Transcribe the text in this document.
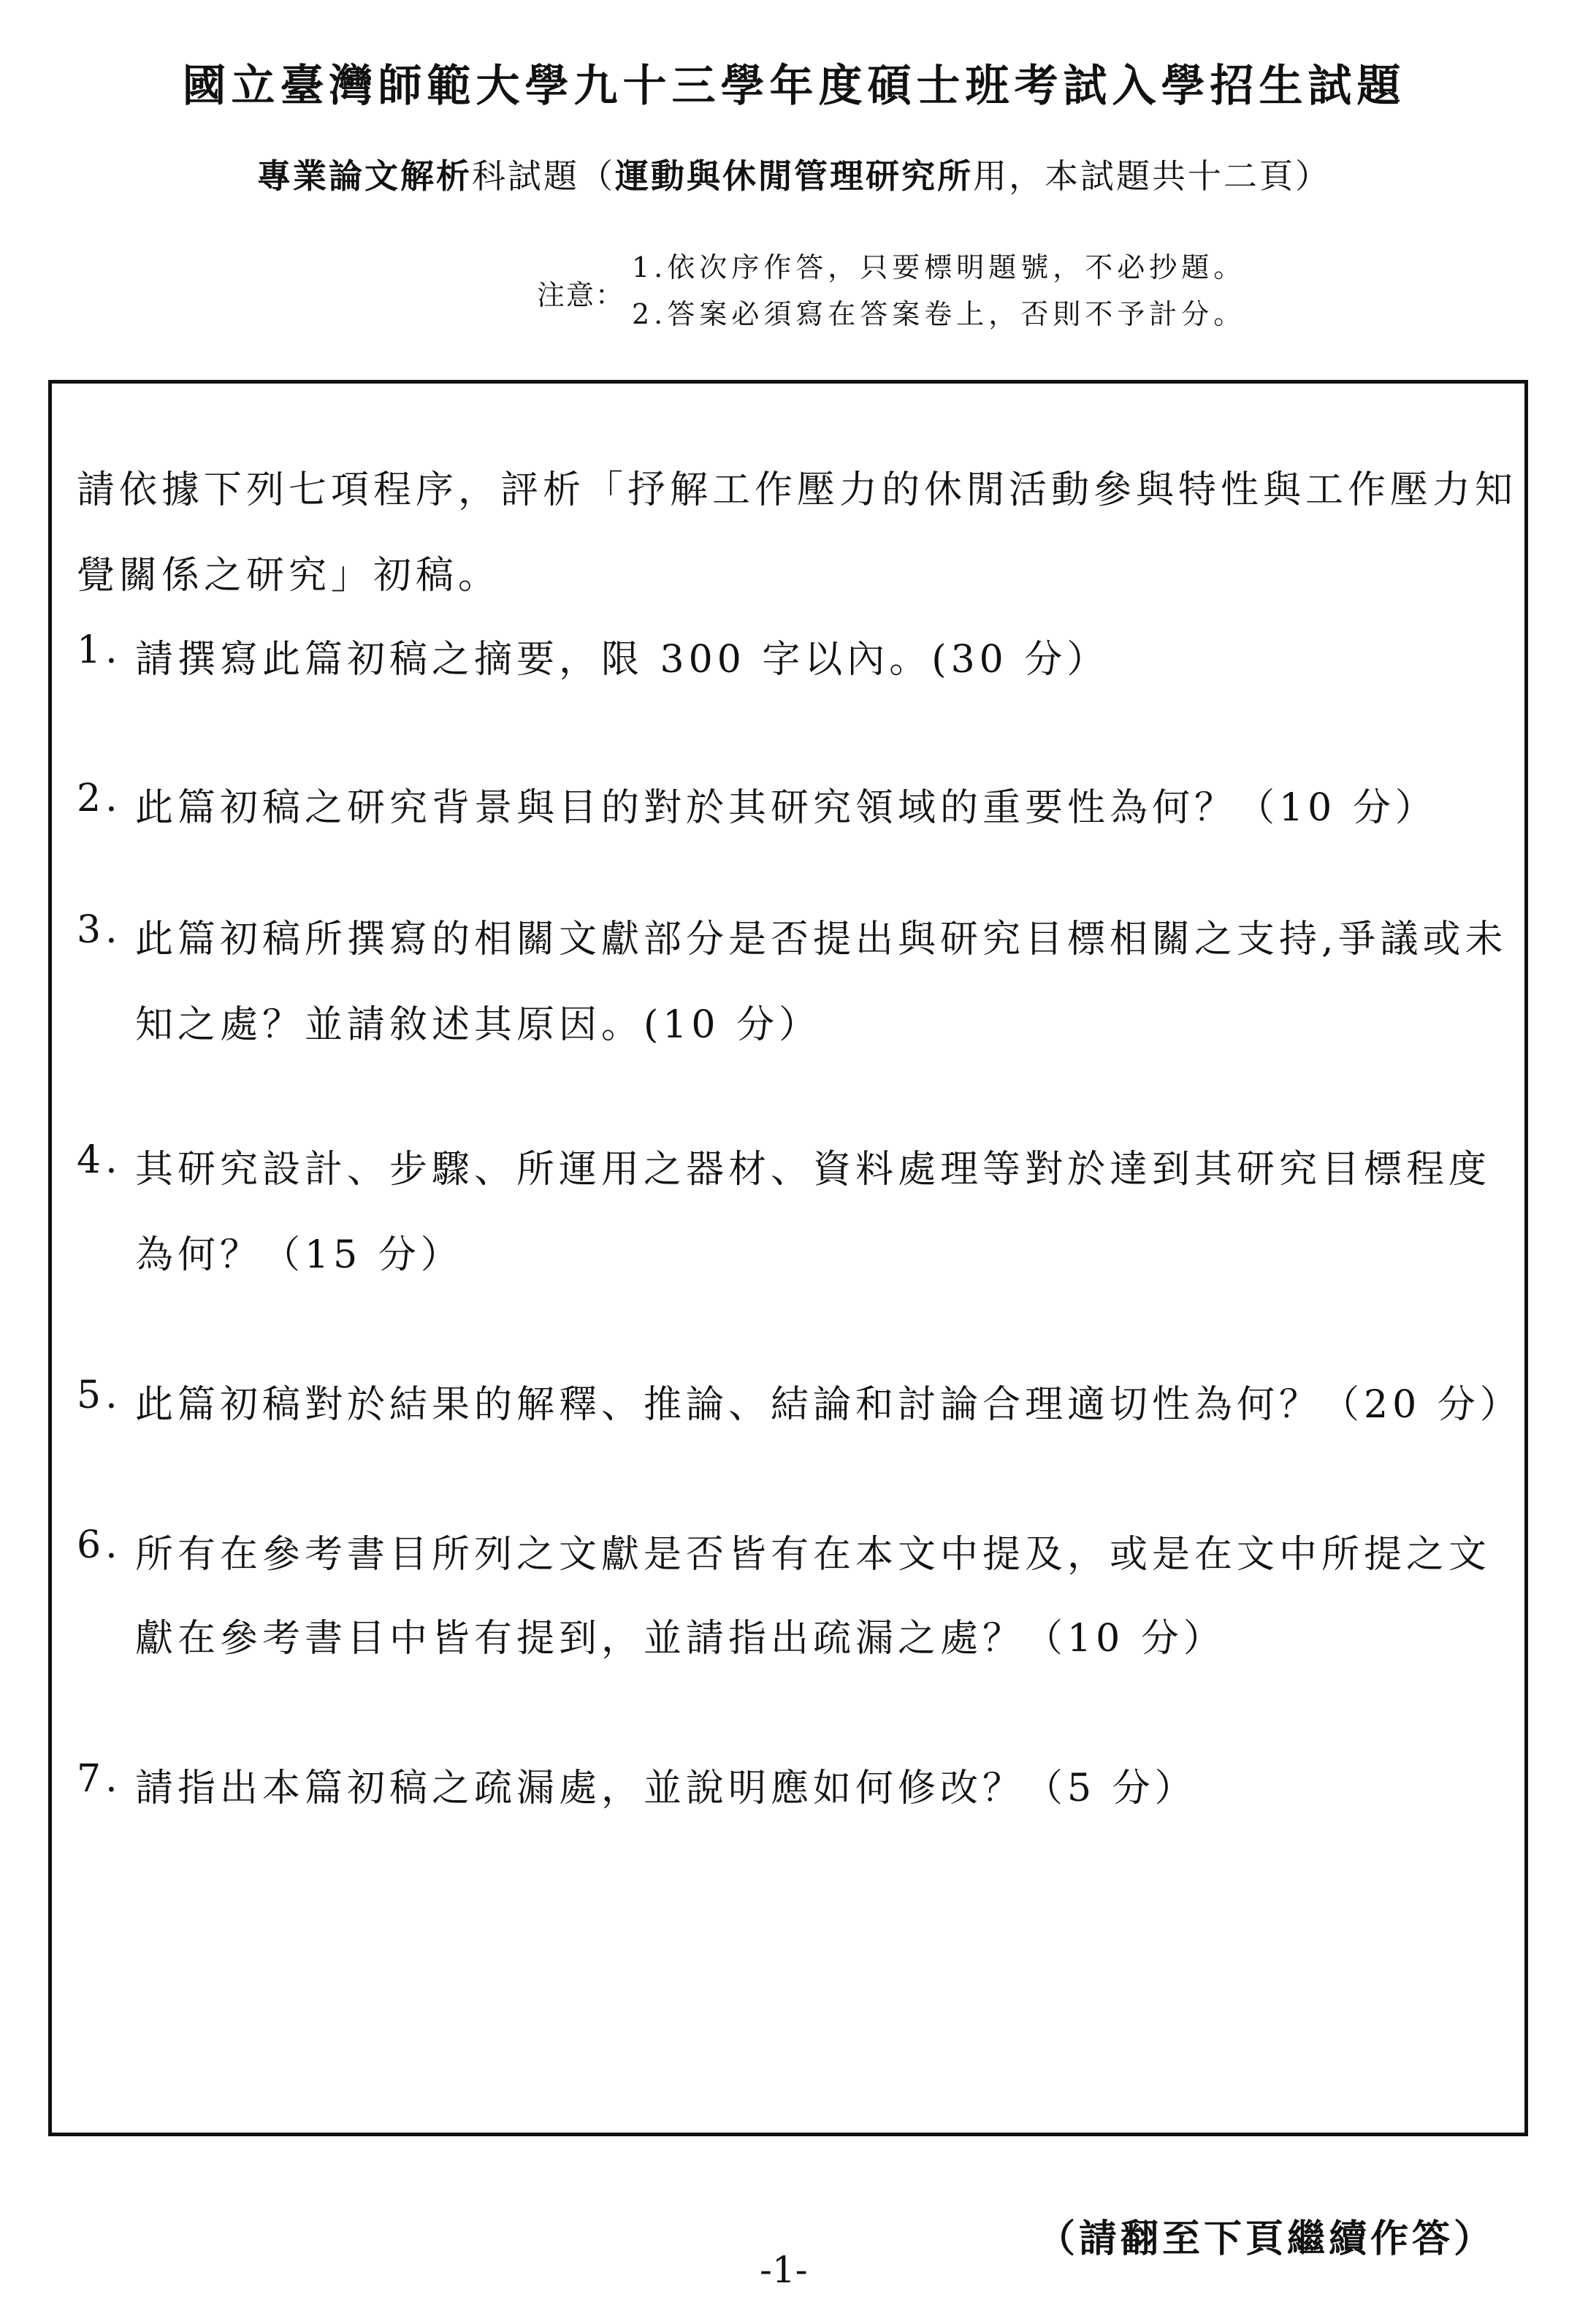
國立臺灣師範大學九十三學年度碩士班考試入學招生試題
專業論文解析科試題（運動與休閒管理研究所用，本試題共十二頁）
注意：
1.依次序作答，只要標明題號，不必抄題。
2.答案必須寫在答案卷上，否則不予計分。
請依據下列七項程序，評析「抒解工作壓力的休閒活動參與特性與工作壓力知
覺關係之研究」初稿。
1. 請撰寫此篇初稿之摘要，限 300 字以內。(30 分）
2. 此篇初稿之研究背景與目的對於其研究領域的重要性為何？（10 分）
3. 此篇初稿所撰寫的相關文獻部分是否提出與研究目標相關之支持,爭議或未
知之處？並請敘述其原因。(10 分）
4. 其研究設計、步驟、所運用之器材、資料處理等對於達到其研究目標程度
為何？（15 分）
5. 此篇初稿對於結果的解釋、推論、結論和討論合理適切性為何？（20 分）
6. 所有在參考書目所列之文獻是否皆有在本文中提及，或是在文中所提之文
獻在參考書目中皆有提到，並請指出疏漏之處？（10 分）
7. 請指出本篇初稿之疏漏處，並說明應如何修改？（5 分）
（請翻至下頁繼續作答）
-1-
